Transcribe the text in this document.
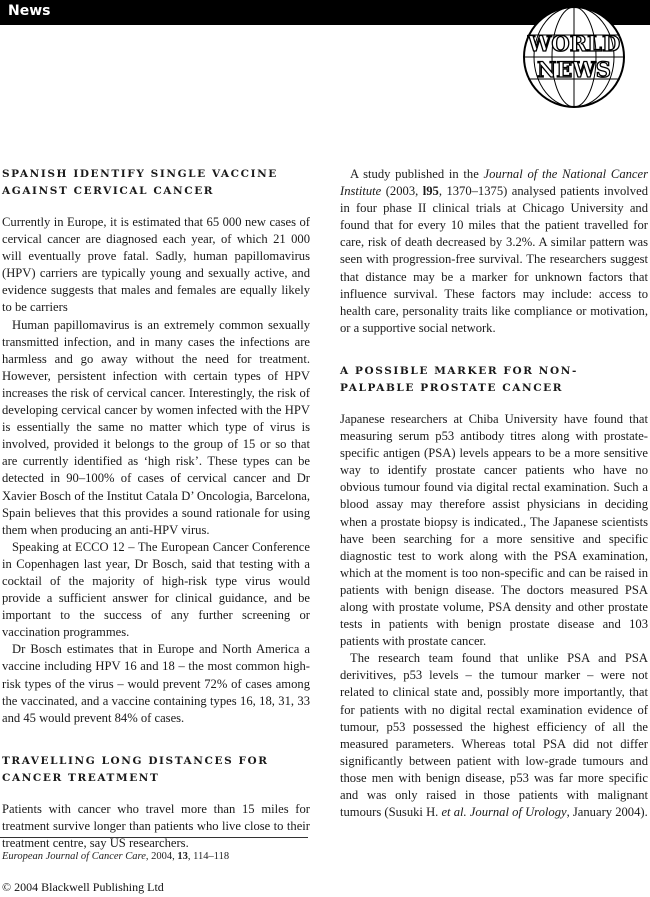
News
WORLD
NEWS
SPANISH IDENTIFY SINGLE VACCINE AGAINST CERVICAL CANCER

Currently in Europe, it is estimated that 65 000 new cases of cervical cancer are diagnosed each year, of which 21 000 will eventually prove fatal. Sadly, human papillomavirus (HPV) carriers are typically young and sexually active, and evidence suggests that males and females are equally likely to be carriers

Human papillomavirus is an extremely common sexually transmitted infection, and in many cases the infections are harmless and go away without the need for treatment. However, persistent infection with certain types of HPV increases the risk of cervical cancer. Interestingly, the risk of developing cervical cancer by women infected with the HPV is essentially the same no matter which type of virus is involved, provided it belongs to the group of 15 or so that are currently identified as ‘high risk’. These types can be detected in 90–100% of cases of cervical cancer and Dr Xavier Bosch of the Institut Catala D’ Oncologia, Barcelona, Spain believes that this provides a sound rationale for using them when producing an anti-HPV virus.

Speaking at ECCO 12 – The European Cancer Conference in Copenhagen last year, Dr Bosch, said that testing with a cocktail of the majority of high-risk type virus would provide a sufficient answer for clinical guidance, and be important to the success of any further screening or vaccination programmes.

Dr Bosch estimates that in Europe and North America a vaccine including HPV 16 and 18 – the most common high-risk types of the virus – would prevent 72% of cases among the vaccinated, and a vaccine containing types 16, 18, 31, 33 and 45 would prevent 84% of cases.

TRAVELLING LONG DISTANCES FOR CANCER TREATMENT

Patients with cancer who travel more than 15 miles for treatment survive longer than patients who live close to their treatment centre, say US researchers.

European Journal of Cancer Care, 2004, 13, 114–118
© 2004 Blackwell Publishing Ltd

A study published in the Journal of the National Cancer Institute (2003, l95, 1370–1375) analysed patients involved in four phase II clinical trials at Chicago University and found that for every 10 miles that the patient travelled for care, risk of death decreased by 3.2%. A similar pattern was seen with progression-free survival. The researchers suggest that distance may be a marker for unknown factors that influence survival. These factors may include: access to health care, personality traits like compliance or motivation, or a supportive social network.

A POSSIBLE MARKER FOR NON-PALPABLE PROSTATE CANCER

Japanese researchers at Chiba University have found that measuring serum p53 antibody titres along with prostate-specific antigen (PSA) levels appears to be a more sensitive way to identify prostate cancer patients who have no obvious tumour found via digital rectal examination. Such a blood assay may therefore assist physicians in deciding when a prostate biopsy is indicated., The Japanese scientists have been searching for a more sensitive and specific diagnostic test to work along with the PSA examination, which at the moment is too non-specific and can be raised in patients with benign disease. The doctors measured PSA along with prostate volume, PSA density and other prostate tests in patients with benign prostate disease and 103 patients with prostate cancer.

The research team found that unlike PSA and PSA derivitives, p53 levels – the tumour marker – were not related to clinical state and, possibly more importantly, that for patients with no digital rectal examination evidence of tumour, p53 possessed the highest efficiency of all the measured parameters. Whereas total PSA did not differ significantly between patient with low-grade tumours and those men with benign disease, p53 was far more specific and was only raised in those patients with malignant tumours (Susuki H. et al. Journal of Urology, January 2004).
